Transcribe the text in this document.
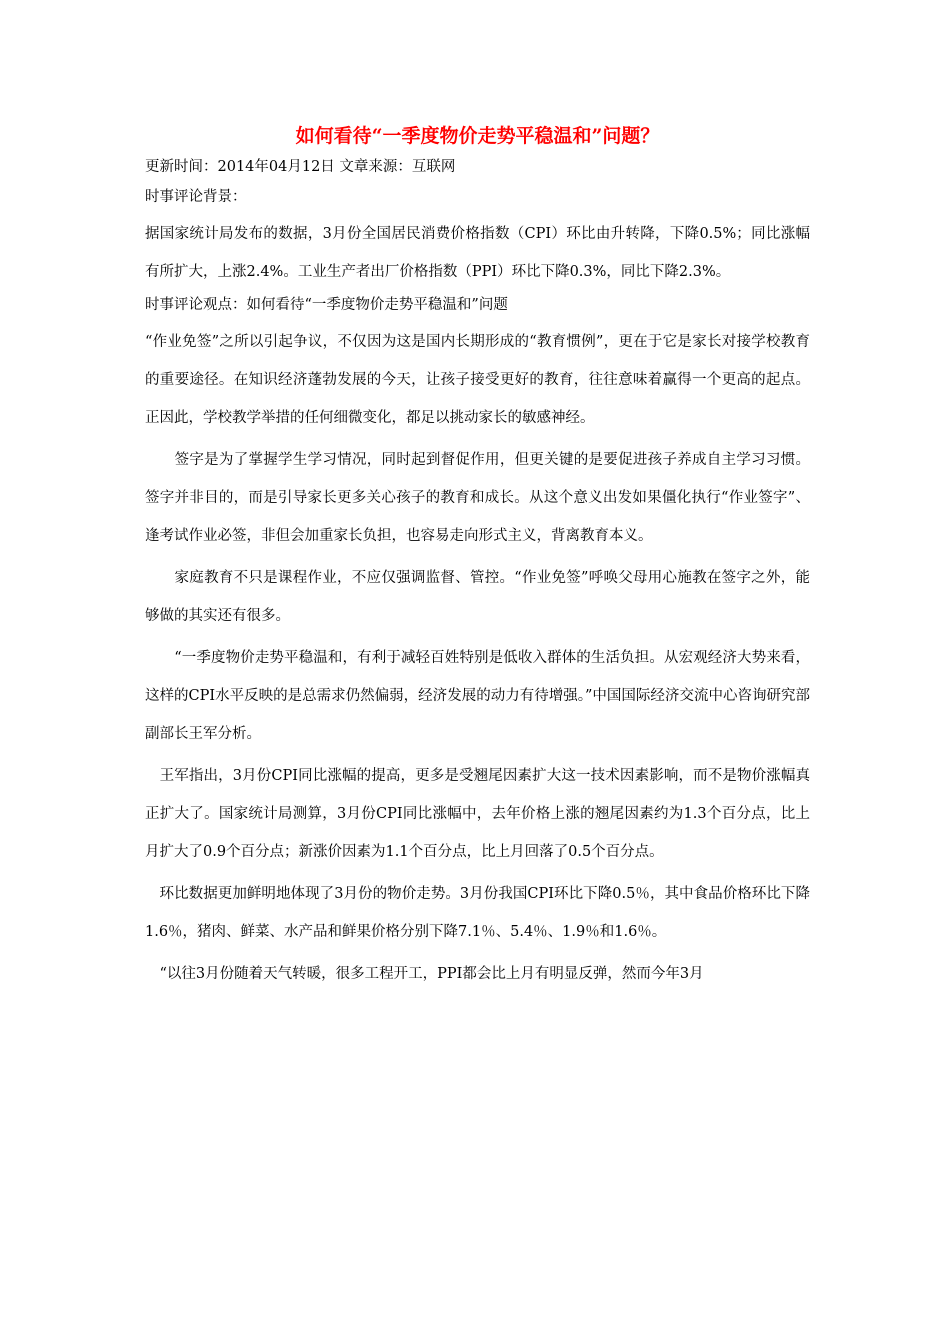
如何看待“一季度物价走势平稳温和”问题？
更新时间：2014年04月12日 文章来源：互联网
时事评论背景：

据国家统计局发布的数据，3月份全国居民消费价格指数（CPI）环比由升转降，下降0.5%；同比涨幅有所扩大，上涨2.4%。工业生产者出厂价格指数（PPI）环比下降0.3%，同比下降2.3%。

时事评论观点：如何看待“一季度物价走势平稳温和”问题

“作业免签”之所以引起争议，不仅因为这是国内长期形成的“教育惯例”，更在于它是家长对接学校教育的重要途径。在知识经济蓬勃发展的今天，让孩子接受更好的教育，往往意味着赢得一个更高的起点。正因此，学校教学举措的任何细微变化，都足以挑动家长的敏感神经。

　　签字是为了掌握学生学习情况，同时起到督促作用，但更关键的是要促进孩子养成自主学习习惯。签字并非目的，而是引导家长更多关心孩子的教育和成长。从这个意义出发如果僵化执行“作业签字”、逢考试作业必签，非但会加重家长负担，也容易走向形式主义，背离教育本义。

　　家庭教育不只是课程作业，不应仅强调监督、管控。“作业免签”呼唤父母用心施教在签字之外，能够做的其实还有很多。

　　“一季度物价走势平稳温和，有利于减轻百姓特别是低收入群体的生活负担。从宏观经济大势来看，这样的CPI水平反映的是总需求仍然偏弱，经济发展的动力有待增强。”中国国际经济交流中心咨询研究部副部长王军分析。

　王军指出，3月份CPI同比涨幅的提高，更多是受翘尾因素扩大这一技术因素影响，而不是物价涨幅真正扩大了。国家统计局测算，3月份CPI同比涨幅中，去年价格上涨的翘尾因素约为1.3个百分点，比上月扩大了0.9个百分点；新涨价因素为1.1个百分点，比上月回落了0.5个百分点。

　环比数据更加鲜明地体现了3月份的物价走势。3月份我国CPI环比下降0.5％，其中食品价格环比下降1.6％，猪肉、鲜菜、水产品和鲜果价格分别下降7.1％、5.4％、1.9％和1.6％。

　“以往3月份随着天气转暖，很多工程开工，PPI都会比上月有明显反弹，然而今年3月
